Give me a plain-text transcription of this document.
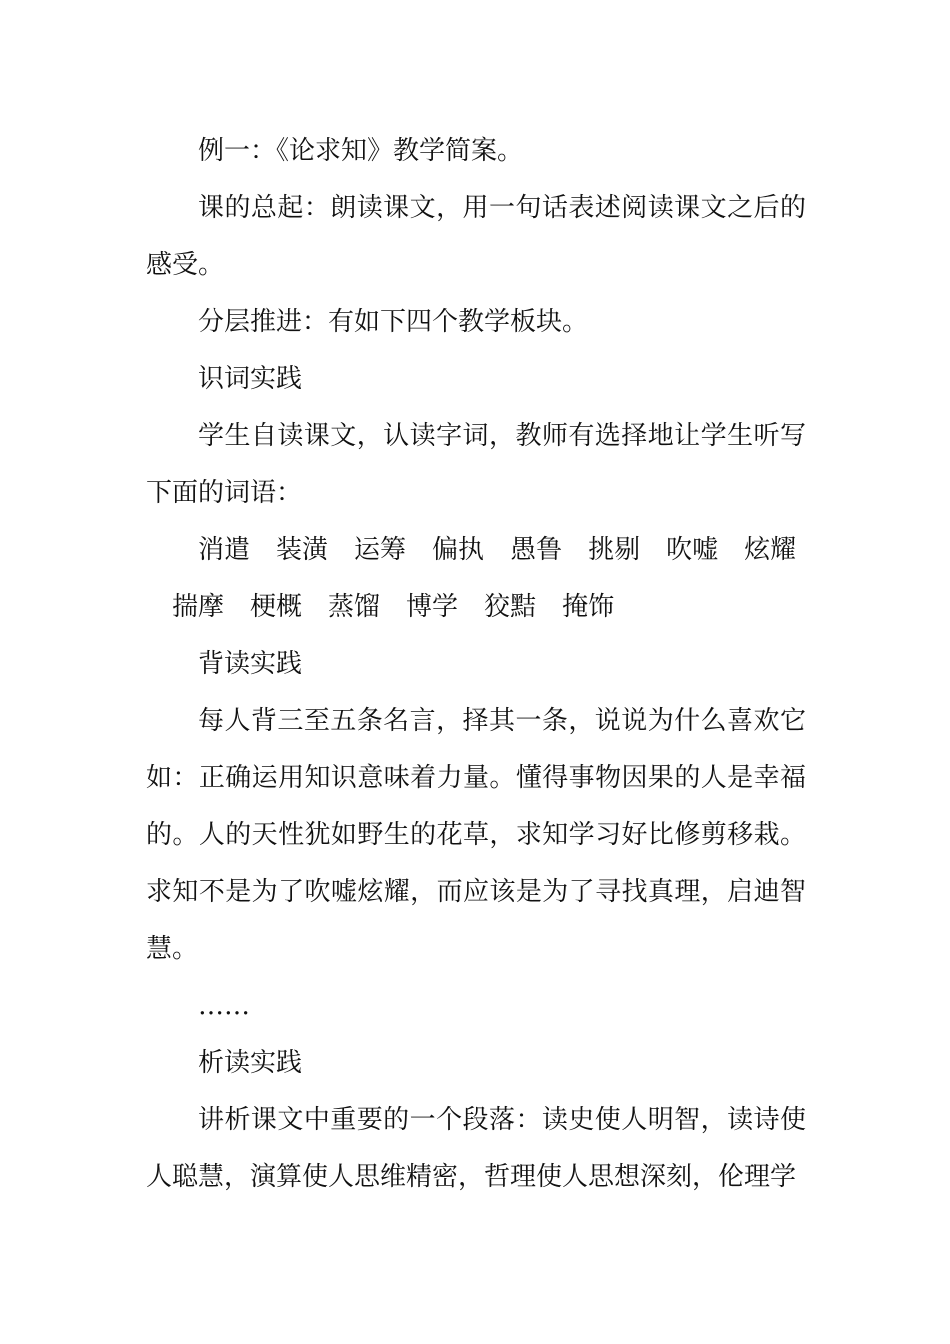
例一：《论求知》教学简案。

课的总起：朗读课文，用一句话表述阅读课文之后的感受。

分层推进：有如下四个教学板块。

识词实践

学生自读课文，认读字词，教师有选择地让学生听写下面的词语：

消遣 装潢 运筹 偏执 愚鲁 挑剔 吹嘘 炫耀揣摩 梗概 蒸馏 博学 狡黠 掩饰

背读实践

每人背三至五条名言，择其一条，说说为什么喜欢它如：正确运用知识意味着力量。懂得事物因果的人是幸福的。人的天性犹如野生的花草，求知学习好比修剪移栽。求知不是为了吹嘘炫耀，而应该是为了寻找真理，启迪智慧。

……

析读实践

讲析课文中重要的一个段落：读史使人明智，读诗使人聪慧，演算使人思维精密，哲理使人思想深刻，伦理学
